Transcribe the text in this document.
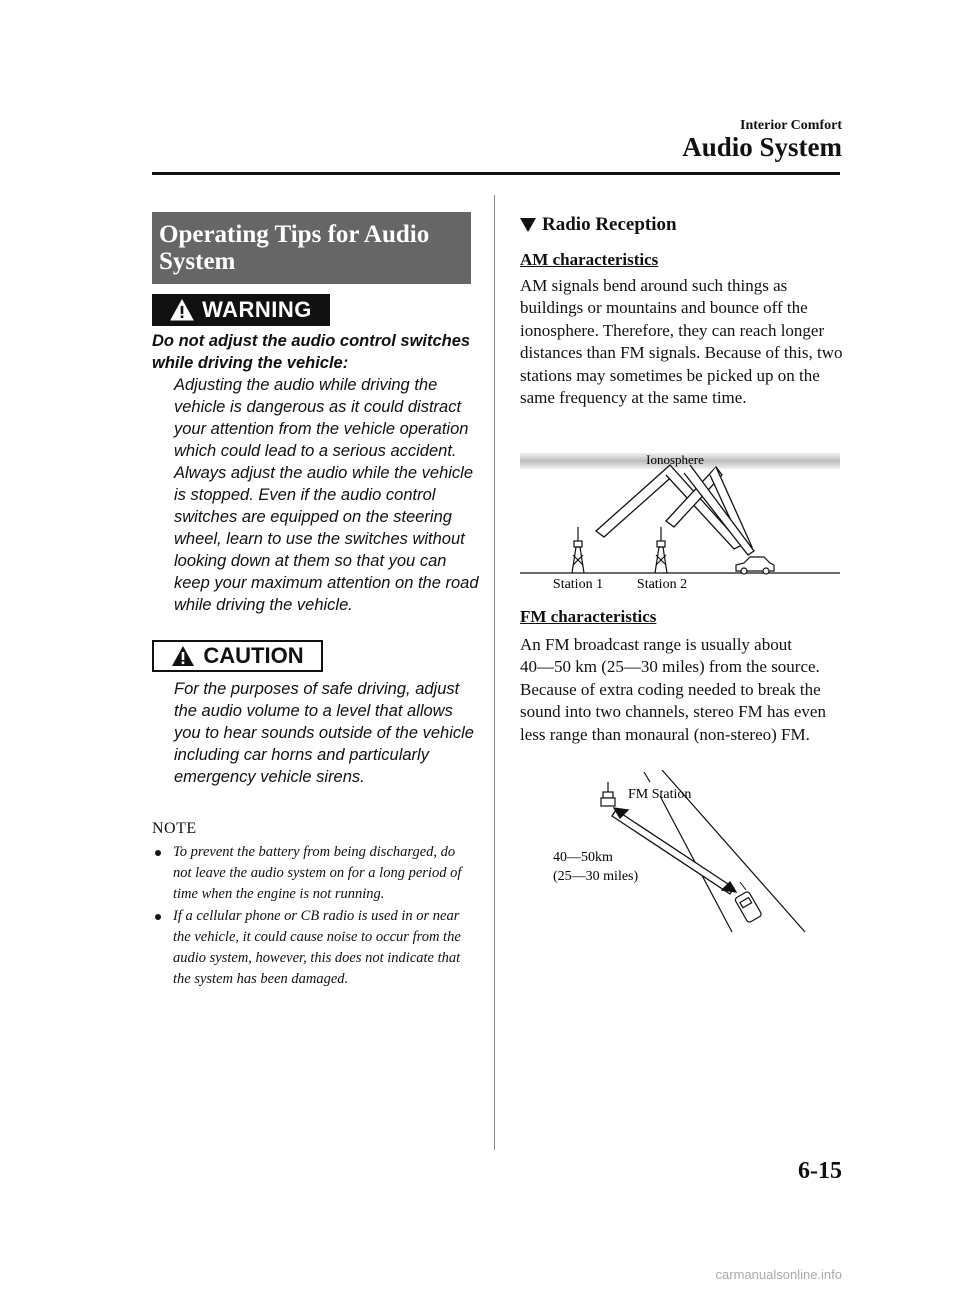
Interior Comfort
Audio System
Operating Tips for Audio System
WARNING
Do not adjust the audio control switches while driving the vehicle:
Adjusting the audio while driving the vehicle is dangerous as it could distract your attention from the vehicle operation which could lead to a serious accident. Always adjust the audio while the vehicle is stopped. Even if the audio control switches are equipped on the steering wheel, learn to use the switches without looking down at them so that you can keep your maximum attention on the road while driving the vehicle.
CAUTION
For the purposes of safe driving, adjust the audio volume to a level that allows you to hear sounds outside of the vehicle including car horns and particularly emergency vehicle sirens.
NOTE
To prevent the battery from being discharged, do not leave the audio system on for a long period of time when the engine is not running.
If a cellular phone or CB radio is used in or near the vehicle, it could cause noise to occur from the audio system, however, this does not indicate that the system has been damaged.
Radio Reception
AM characteristics
AM signals bend around such things as buildings or mountains and bounce off the ionosphere. Therefore, they can reach longer distances than FM signals. Because of this, two stations may sometimes be picked up on the same frequency at the same time.
Ionosphere
Station 1 Station 2
FM characteristics
An FM broadcast range is usually about 40―50 km (25―30 miles) from the source. Because of extra coding needed to break the sound into two channels, stereo FM has even less range than monaural (non-stereo) FM.
FM Station
40―50km
(25―30 miles)
6-15
carmanualsonline.info
